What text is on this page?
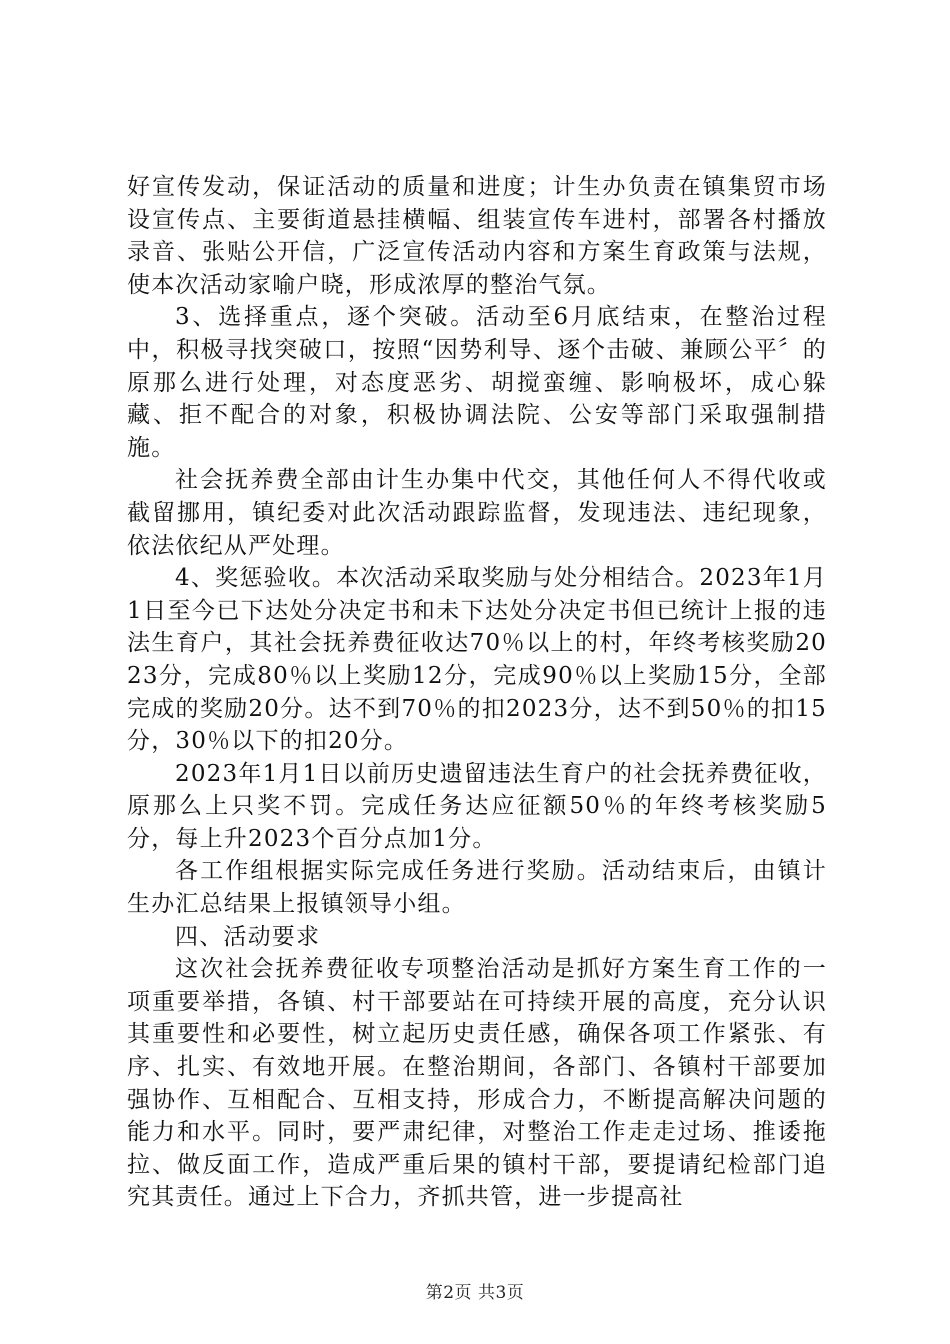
好宣传发动，保证活动的质量和进度；计生办负责在镇集贸市场设宣传点、主要街道悬挂横幅、组装宣传车进村，部署各村播放录音、张贴公开信，广泛宣传活动内容和方案生育政策与法规，使本次活动家喻户晓，形成浓厚的整治气氛。

3、选择重点，逐个突破。活动至6月底结束，在整治过程中，积极寻找突破口，按照“因势利导、逐个击破、兼顾公平〞的原那么进行处理，对态度恶劣、胡搅蛮缠、影响极坏，成心躲藏、拒不配合的对象，积极协调法院、公安等部门采取强制措施。

社会抚养费全部由计生办集中代交，其他任何人不得代收或截留挪用，镇纪委对此次活动跟踪监督，发现违法、违纪现象，依法依纪从严处理。

4、奖惩验收。本次活动采取奖励与处分相结合。2023年1月1日至今已下达处分决定书和未下达处分决定书但已统计上报的违法生育户，其社会抚养费征收达70％以上的村，年终考核奖励2023分，完成80％以上奖励12分，完成90％以上奖励15分，全部完成的奖励20分。达不到70％的扣2023分，达不到50％的扣15分，30％以下的扣20分。

2023年1月1日以前历史遗留违法生育户的社会抚养费征收，原那么上只奖不罚。完成任务达应征额50％的年终考核奖励5分，每上升2023个百分点加1分。

各工作组根据实际完成任务进行奖励。活动结束后，由镇计生办汇总结果上报镇领导小组。

四、活动要求

这次社会抚养费征收专项整治活动是抓好方案生育工作的一项重要举措，各镇、村干部要站在可持续开展的高度，充分认识其重要性和必要性，树立起历史责任感，确保各项工作紧张、有序、扎实、有效地开展。在整治期间，各部门、各镇村干部要加强协作、互相配合、互相支持，形成合力，不断提高解决问题的能力和水平。同时，要严肃纪律，对整治工作走走过场、推诿拖拉、做反面工作，造成严重后果的镇村干部，要提请纪检部门追究其责任。通过上下合力，齐抓共管，进一步提高社

第2页 共3页
